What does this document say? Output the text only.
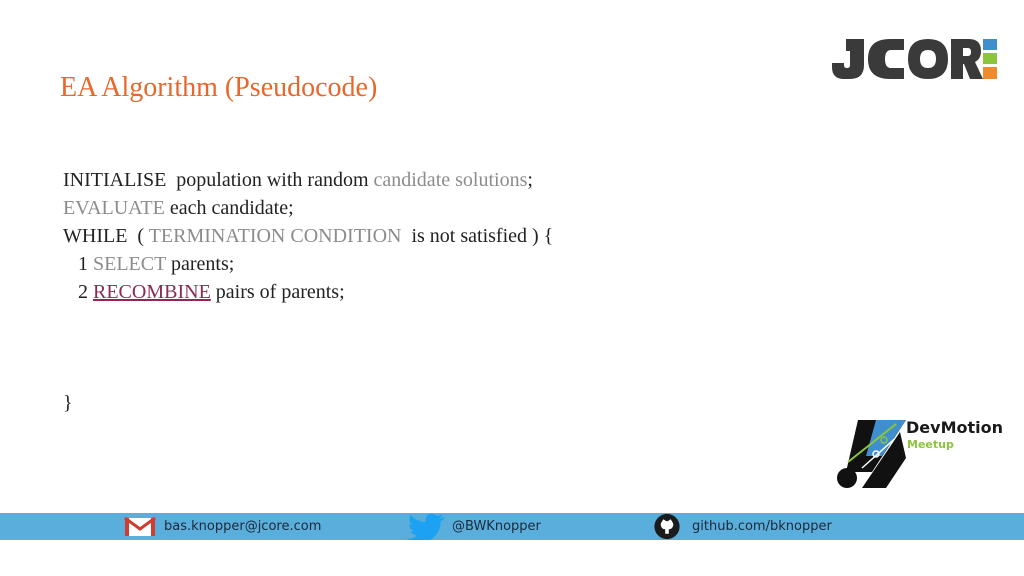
EA Algorithm (Pseudocode)
INITIALISE  population with random candidate solutions;
EVALUATE each candidate;
WHILE  ( TERMINATION CONDITION  is not satisfied ) {
1 SELECT parents;
2 RECOMBINE pairs of parents;
}
DevMotion
Meetup
bas.knopper@jcore.com	@BWKnopper	github.com/bknopper
